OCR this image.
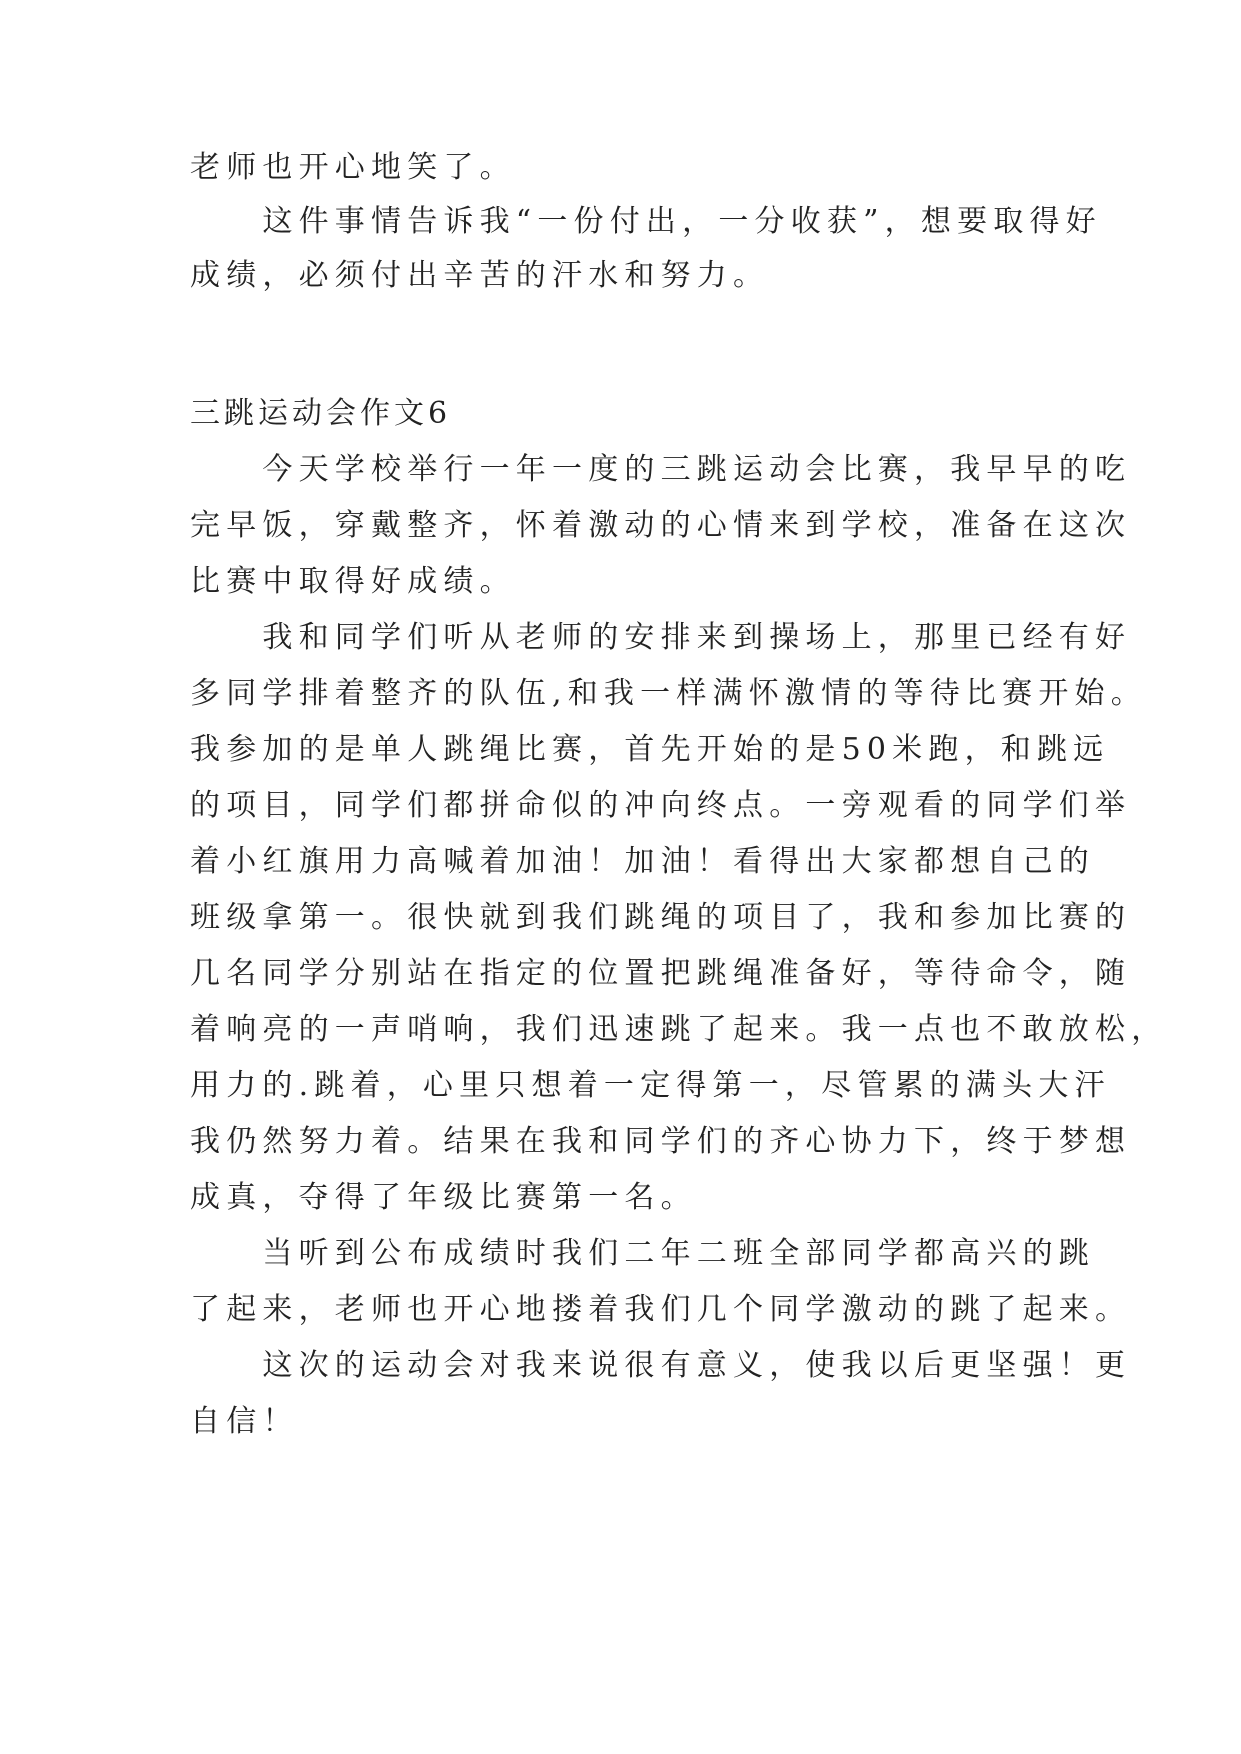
老师也开心地笑了。

　　这件事情告诉我“一份付出，一分收获”，想要取得好

成绩，必须付出辛苦的汗水和努力。

三跳运动会作文6

　　今天学校举行一年一度的三跳运动会比赛，我早早的吃

完早饭，穿戴整齐，怀着激动的心情来到学校，准备在这次

比赛中取得好成绩。

　　我和同学们听从老师的安排来到操场上，那里已经有好

多同学排着整齐的队伍,和我一样满怀激情的等待比赛开始。

我参加的是单人跳绳比赛，首先开始的是50米跑，和跳远

的项目，同学们都拼命似的冲向终点。一旁观看的同学们举

着小红旗用力高喊着加油！加油！看得出大家都想自己的

班级拿第一。很快就到我们跳绳的项目了，我和参加比赛的

几名同学分别站在指定的位置把跳绳准备好，等待命令，随

着响亮的一声哨响，我们迅速跳了起来。我一点也不敢放松，

用力的.跳着，心里只想着一定得第一，尽管累的满头大汗

我仍然努力着。结果在我和同学们的齐心协力下，终于梦想

成真，夺得了年级比赛第一名。

　　当听到公布成绩时我们二年二班全部同学都高兴的跳

了起来，老师也开心地搂着我们几个同学激动的跳了起来。

　　这次的运动会对我来说很有意义，使我以后更坚强！更

自信！
